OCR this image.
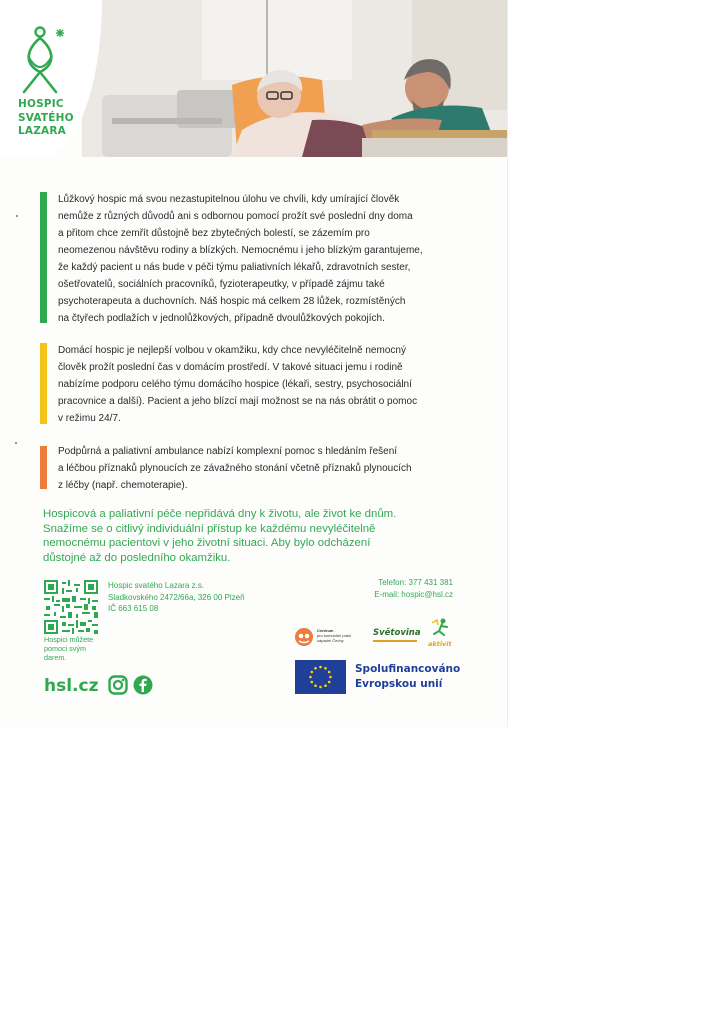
HOSPIC
SVATÉHO
LAZARA
Lůžkový hospic má svou nezastupitelnou úlohu ve chvíli, kdy umírající člověk
nemůže z různých důvodů ani s odbornou pomocí prožít své poslední dny doma
a přitom chce zemřít důstojně bez zbytečných bolestí, se zázemím pro
neomezenou návštěvu rodiny a blízkých. Nemocnému i jeho blízkým garantujeme,
že každý pacient u nás bude v péči týmu paliativních lékařů, zdravotních sester,
ošetřovatelů, sociálních pracovníků, fyzioterapeutky, v případě zájmu také
psychoterapeuta a duchovních. Náš hospic má celkem 28 lůžek, rozmístěných
na čtyřech podlažích v jednolůžkových, případně dvoulůžkových pokojích.
Domácí hospic je nejlepší volbou v okamžiku, kdy chce nevyléčitelně nemocný
člověk prožít poslední čas v domácím prostředí. V takové situaci jemu i rodině
nabízíme podporu celého týmu domácího hospice (lékaři, sestry, psychosociální
pracovnice a další). Pacient a jeho blízcí mají možnost se na nás obrátit o pomoc
v režimu 24/7.
Podpůrná a paliativní ambulance nabízí komplexní pomoc s hledáním řešení
a léčbou příznaků plynoucích ze závažného stonání včetně příznaků plynoucích
z léčby (např. chemoterapie).
Hospicová a paliativní péče nepřidává dny k životu, ale život ke dnům.
Snažíme se o citlivý individuální přístup ke každému nevyléčitelně
nemocnému pacientovi v jeho životní situaci. Aby bylo odcházení
důstojné až do posledního okamžiku.
Hospici můžete
pomoci svým
darem.
Hospic svatého Lazara z.s.
Sladkovského 2472/66a, 326 00 Plzeň
IČ 663 615 08
Telefon: 377 431 381
E-mail: hospic@hsl.cz
hsl.cz
Centrum
pro komunitní práci
západní Čechy
Světovina
aktivit
Spolufinancováno
Evropskou unií
